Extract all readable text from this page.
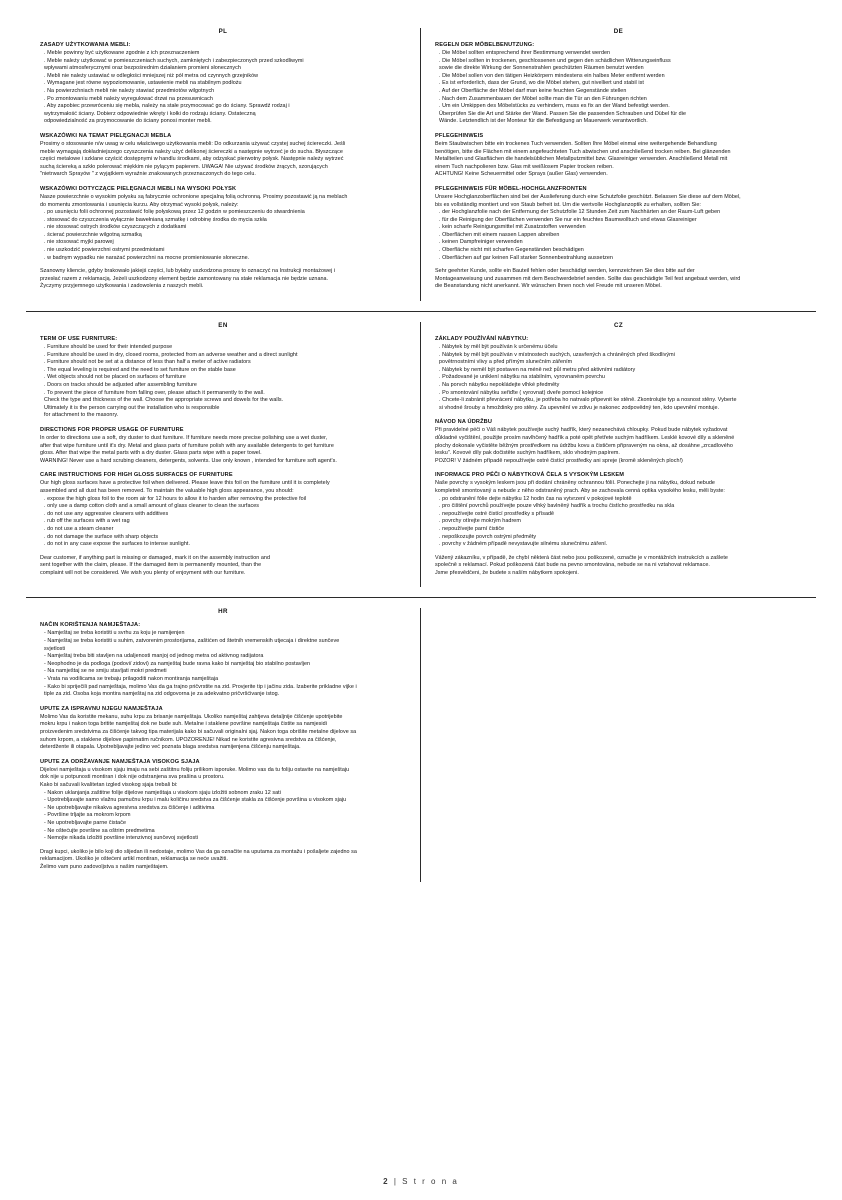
PL
ZASADY UŻYTKOWANIA MEBLI:

. Meble powinny być użytkowane zgodnie z ich przeznaczeniem

. Meble należy użytkować w pomieszczeniach suchych, zamkniętych i zabezpieczonych przed szkodliwymi

wpływami atmosferycznymi oraz bezpośrednim działaniem promieni słonecznych

. Mebli nie należy ustawiać w odległości mniejszej niż pół metra od czynnych grzejników

. Wymagane jest równe wypoziomowanie, ustawienie mebli na stabilnym podłożu

. Na powierzchniach mebli nie należy stawiać przedmiotów wilgotnych

. Po zmontowaniu mebli należy wyregulować drzwi na przesuwnicach

. Aby zapobiec przewróceniu się mebla, należy na stałe przymocować go do ściany. Sprawdź rodzaj i

wytrzymałość ściany. Dobierz odpowiednie wkręty i kołki do rodzaju ściany. Ostateczną

odpowiedzialność za przymocowanie do ściany ponosi monter mebli.

WSKAZÓWKI NA TEMAT PIELĘGNACJI MEBLA

Prosimy o stosowanie n/w uwag w celu właściwego użytkowania mebli: Do odkurzania używać czystej suchej ściereczki. Jeśli

meble wymagają dokładniejszego czyszczenia należy użyć delikonej ściereczki a następnie wytrzeć je do sucha. Błyszczące

części metalowe i szklane czyścić dostępnymi w handlu środkami, aby odzyskać pierwotny połysk. Następnie należy wytrzeć

suchą ściereką a szkło polerować miękkim nie pylącym papierem. UWAGA! Nie używać środków żrących, szorujących

"nietrwarch Sprayów " z wyjątkiem wyraźnie znakowanych przeznaczonych do tego celu.

WSKAZÓWKI DOTYCZĄCE PIELĘGNACJI MEBLI NA WYSOKI POŁYSK

Nasze powierzchnie o wysokim połysku są fabrycznie ochronione specjalną folią ochronną. Prosimy pozostawić ją na meblach

do momentu zmontowania i usunięcia kurzu. Aby otrzymać wysoki połysk, należy:

. po usunięciu folii ochronnej pozostawić folię połyskową przez 12 godzin w pomieszczeniu do stwardnienia

. stosować do czyszczenia wyłącznie bawełnianą szmatkę i odrobinę środka do mycia szkła

. nie stosować ostrych środków czyszczących z dodatkami

. ścierać powierzchnie wilgotną szmatką

. nie stosować myjki parowej

. nie uszkodzić powierzchni ostrymi przedmiotami

. w badnym wypadku nie narażać powierzchni na mocne promieniowanie słoneczne.

Szanowny kliencie, gdyby brakowało jakiejś części, lub byłaby uszkodzona proszę to oznaczyć na Instrukcji montażowej i

przesłać razem z reklamacją. Jeżeli uszkodzony element będzie zamontowany na stałe reklamacja nie będzie uznana.

Życzymy przyjemnego użytkowania i zadowolenia z naszych mebli.

DE
REGELN DER MÖBELBENUTZUNG:

. Die Möbel sollten entsprechend ihrer Bestimmung verwendet werden

. Die Möbel sollten in trockenen, geschlossenen und gegen den schädlichen Witterungseinfluss

sowie die direkte Wirkung der Sonnenstrahlen geschützten Räumen benutzt werden

. Die Möbel sollen von den tätigen Heizkörpern mindestens ein halbes Meter entfernt werden

. Es ist erforderlich, dass der Grund, wo die Möbel stehen, gut nivelliert und stabil ist

. Auf der Oberfläche der Möbel darf man keine feuchten Gegenstände stellen

. Nach dem Zusammenbauen der Möbel sollte man die Tür an den Führungen richten

. Um ein Umkippen des Möbelstücks zu verhindern, muss es fix an der Wand befestigt werden.

Überprüfen Sie die Art und Stärke der Wand. Passen Sie die passenden Schrauben und Dübel für die

Wände. Letztendlich ist der Monteur für die Befestigung an Mauerwerk verantwortlich.

PFLEGEHINWEIS

Beim Staubwischen bitte ein trockenes Tuch verwenden. Sollten Ihre Möbel einmal eine weitergehende Behandlung

benötigen, bitte die Flächen mit einem angefeuchteten Tuch abwischen und anschließend trocken reiben. Bei glänzenden

Metallteilen und Glasflächen die handelsüblichen Metallputzmittel bzw. Glasreiniger verwenden. Anschließend Metall mit

einem Tuch nachpolieren bzw. Glas mit weißlosem Papier trocken reiben.

ACHTUNG! Keine Scheuermittel oder Sprays (außer Glas) verwenden.

PFLEGEHINWEIS FÜR MÖBEL-HOCHGLANZFRONTEN

Unsere Hochglanzoberflächen sind bei der Auslieferung durch eine Schutzfolie geschützt. Belassen Sie diese auf dem Möbel,

bis es vollständig montiert und von Staub befreit ist. Um die wertvolle Hochglanzoptik zu erhalten, sollten Sie:

. der Hochglanzfolie nach der Entfernung der Schutzfolie 12 Stunden Zeit zum Nachhärten an der Raum-Luft geben

. für die Reinigung der Oberflächen verwenden Sie nur ein feuchtes Baumwolltuch und etwas Glasreiniger

. kein scharfe Reinigungsmittel mit Zusatzstoffen verwenden

. Oberflächen mit einem nassen Lappen abreiben

. keinen Dampfreiniger verwenden

. Oberfläche nicht mit scharfen Gegenständen beschädigen

. Oberflächen auf gar keinen Fall starker Sonnenbestrahlung aussetzen

Sehr geehrter Kunde, sollte ein Bauteil fehlen oder beschädigt werden, kennzeichnen Sie dies bitte auf der

Montageanweisung und zusammen mit dem Beschwerdebrief senden. Sollte das geschädigte Teil fest angebaut werden, wird

die Beanstandung nicht anerkannt. Wir wünschen Ihnen noch viel Freude mit unseren Möbel.

EN
TERM OF USE FURNITURE:

. Furniture should be used for their intended purpose

. Furniture should be used in dry, closed rooms, protected from an adverse weather and a direct sunlight

. Furniture should not be set at a distance of less than half a meter of active radiators

. The equal leveling is required and the need to set furniture on the stable base

. Wet objects should not be placed on surfaces of furniture

. Doors on tracks should be adjusted after assembling furniture

. To prevent the piece of furniture from falling over, please attach it permanently to the wall.

Check the type and thickness of the wall. Choose the appropriate screws and dowels for the walls.

Ultimately it is the person carrying out the installation who is responsible

for attachment to the masonry.

DIRECTIONS FOR PROPER USAGE OF FURNITURE

In order to directions use a soft, dry duster to dust furniture. If furniture needs more precise polishing use a wet duster,

after that wipe furniture until it's dry. Metal and glass parts of furniture polish with any available detergents to get furniture

gloss. After that wipe the metal parts with a dry duster. Glass parts wipe with a paper towel.

WARNING! Never use a hard scrubing cleaners, detergents, solvents. Use only known , intended for furniture soft agent's.

CARE INSTRUCTIONS FOR HIGH GLOSS SURFACES OF FURNITURE

Our high gloss surfaces have a protective foil when delivered. Please leave this foil on the furniture until it is completely

assembled and all dust has been removed. To maintain the valuable high gloss appearance, you should:

. expose the high gloss foil to the room air for 12 hours to allow it to harden after removing the protective foil

. only use a damp cotton cloth and a small amount of glass cleaner to clean the surfaces

. do not use any aggressive cleaners with additives

. rub off the surfaces with a wet rag

. do not use a steam cleaner

. do not damage the surface with sharp objects

. do not in any case expose the surfaces to intense sunlight.

Dear customer, if anything part is missing or damaged, mark it on the assembly instruction and

sent together with the claim, please. If the damaged item is permanently mounted, than the

complaint will not be considered. We wish you plenty of enjoyment with our furniture.

CZ
ZÁKLADY POUŽÍVÁNÍ NÁBYTKU:

. Nábytek by měl být používán k určenému účelu

. Nábytek by měl být používán v místnostech suchých, uzavřených a chráněných před škodlivými

povětrnostními vlivy a před přímým slunečním zářením

. Nábytek by neměl být postaven na méně než půl metru před aktivními radiátory

. Požadované je uniklení nábytku na stabilním, vyrovnaném povrchu

. Na porvch nábytku nepokládejte vlhké předměty

. Po smontování nábytku seřiďte ( vyrovnat) dveře pomocí kolejnice

. Chcete-li zabránit převrácení nábytku, je potřeba ho natrvalo připevnit ke stěně. Zkontrolujte typ a nosnost stěny. Vyberte

si vhodné šrouby a hmoždinky pro stěny. Za upevnění ve zdivu je nakonec zodpovědný ten, kdo upevnění montuje.

NÁVOD NA ÚDRŽBU

Při pravidelné péči o Váš nábytek používejte suchý hadřík, který nezanechává chloupky. Pokud bude nábytek vyžadovat

důkladné vyčištění, použijte prosím navlhčený hadřík a poté opět přetřete suchým hadříkem. Lesklé kovové díly a skleněné

plochy dokonale vyčistěte běžným prostředkem na údržbu kovu a čističem připraveným na okna, až dosáhne „zrcadlového

lesku". Kovové díly pak dočistěte suchým hadříkem, sklo vhodným papírem.

POZOR! V žádném případě nepoužívejte ostré čistící prostředky ani spreje (kromě skleněných ploch!)

INFORMACE PRO PÉČI O NÁBYTKOVÁ ČELA S VYSOKÝM LESKEM

Naše povrchy s vysokým leskem jsou při dodání chráněny ochrannou fólií. Ponechejte ji na nábytku, dokud nebude

kompletně smontovaný a nebude z něho odstraněný prach. Aby se zachovala cenná optika vysokého lesku, měli byste:

. po odstranění fólie dejte nábytku 12 hodin čas na vytvrzení v pokojové teplotě

. pro čištění povrchů používejte pouze vlhký bavlněný hadřík a trochu čistícho prostředku na skla

. nepoužívejte ostré čistící prostředky s přísadě

. povrchy otírejte mokrým hadrem

. nepoužívejte parní čističe

. nepoškozujte povrch ostrými předměty

. povrchy v žádném případě nevystavujte silnému slunečnímu záření.

Vážený zákazníku, v případě, že chybí některá část nebo jsou poškozené, označte je v montážních instrukcích a zašlete

společně s reklamací. Pokud poškozená část bude na pevno smontována, nebude se na ni vztahovat reklamace.

Jsme přesvědčeni, že budete s naším nábytkem spokojeni.

HR
NAČIN KORIŠTENJA NAMJEŠTAJA:

- Namještaj se treba koristiti u svrhu za koju je namijenjen

- Namještaj se treba koristiti u suhim, zatvorenim prostorijama, zaštićen od štetnih vremenskih utjecaja i direktne sunčeve

svjetlosti

- Namještaj treba biti stavljen na udaljenosti manjoj od jednog metra od aktivnog radijatora

- Neophodno je da podloga (podovi/ zidovi) za namještaj bude ravna kako bi namještaj bio stabilno postavljen

- Na namještaj se ne smiju stavljati mokri predmeti

- Vrata na vodilicama se trebaju prilagoditi nakon montiranja namještaja

- Kako bi spriječili pad namještaja, molimo Vas da ga trajno pričvrstite na zid. Provjerite tip i jačinu zida. Izaberite prikladne vijke i

tiple za zid. Osoba koja montira namještaj na zid odgovorna je za adekvatno pričvršćivanje istog.

UPUTE ZA ISPRAVNU NJEGU NAMJEŠTAJA

Molimo Vas da koristite mekanu, suhu krpu za brisanje namještaja. Ukoliko namještaj zahtjeva detaljnije čišćenje upotrijebite

mokru krpu i nakon toga britite namještaj dok ne bude suh. Metalne i staklene površine namještaja čistite sa namjesidi

proizvedenim sredstvima za čišćenje takvog tipa materijala kako bi sačuvali originalni sjaj. Nakon toga obrišite metalne dijelove sa

suhom krpom, a staklene dijelove papirnatim ručnikom. UPOZORENJE! Nikad ne koristite agresivna sredstva za čišćenje,

deterdžente ili otapala. Upotrebljavajte jedino već poznata blaga sredstva namijenjena čišćenju namještaja.

UPUTE ZA ODRŽAVANJE NAMJEŠTAJA VISOKOG SJAJA

Dijelovi namještaja u visokom sjaju imaju na sebi zaštitnu foliju prilikom isporuke. Molimo vas da tu foliju ostavite na namještaju

dok nije u potpunosti montiran i dok nije odstranjena sva prašina u prostoru.

Kako bi sačuvali kvalitetan izgled visokog sjaja trebali bi:

- Nakon uklanjanja zaštitne folije dijelove namještaja u visokom sjaju izložiti sobnom zraku 12 sati

- Upotrebljavajte samo vlažnu pamučnu krpu i malu količinu sredstva za čišćenje stakla za čišćenje površina u visokom sjaju

- Ne upotrebljavajte nikakva agresivna sredstva za čišćenje i aditivima

- Površine trljajte sa mokrom krpom

- Ne upotrebljavajte parne čistače

- Ne oštećujte površine sa oštrim predmetima

- Nemojte nikada izložiti površine intenzivnoj sunčevoj svjetlosti

Dragi kupci, ukoliko je bilo koji dio slijedan ili nedostaje, molimo Vas da ga označite na uputama za montažu i pošaljete zajedno sa

reklamacijom. Ukoliko je oštećeni artikl montiran, reklamacija se neće uvažiti.

Želimo vam puno zadovoljstva s našim namještajem.

2 | S t r o n a
